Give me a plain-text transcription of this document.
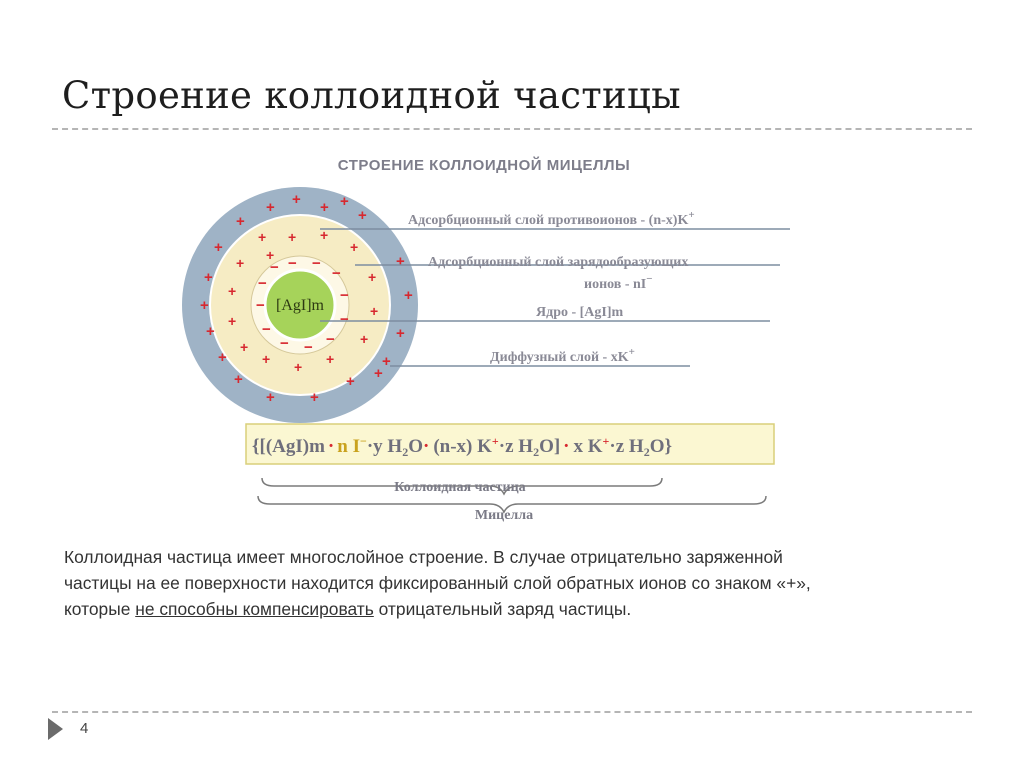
Строение коллоидной частицы
СТРОЕНИЕ КОЛЛОИДНОЙ МИЦЕЛЛЫ
[AgI]m
+ + + +
+
+
+
+
+
+
+
+
+
+
+
+
+ +
+ +
+ + +
+
+
+
+
+
+
+
+
+ + +
+ − −
−
−
−
−
−
−
−
−
−
−
Адсорбционный слой противоионов - (n-x)K+
Адсорбционный слой зарядообразующих
ионов - nI−
Ядро - [AgI]m
Диффузный слой - xK+
{[(AgI)m · n I−·y $H_2O\cdot (n-x)$ K+·z $H_2O] \cdot x$ K+·z $H_2O$}
Коллоидная частица
Мицелла
Коллоидная частица имеет многослойное строение. В случае отрицательно заряженной
частицы на ее поверхности находится фиксированный слой обратных ионов со знаком «+»,
которые не способны компенсировать отрицательный заряд частицы.
4
